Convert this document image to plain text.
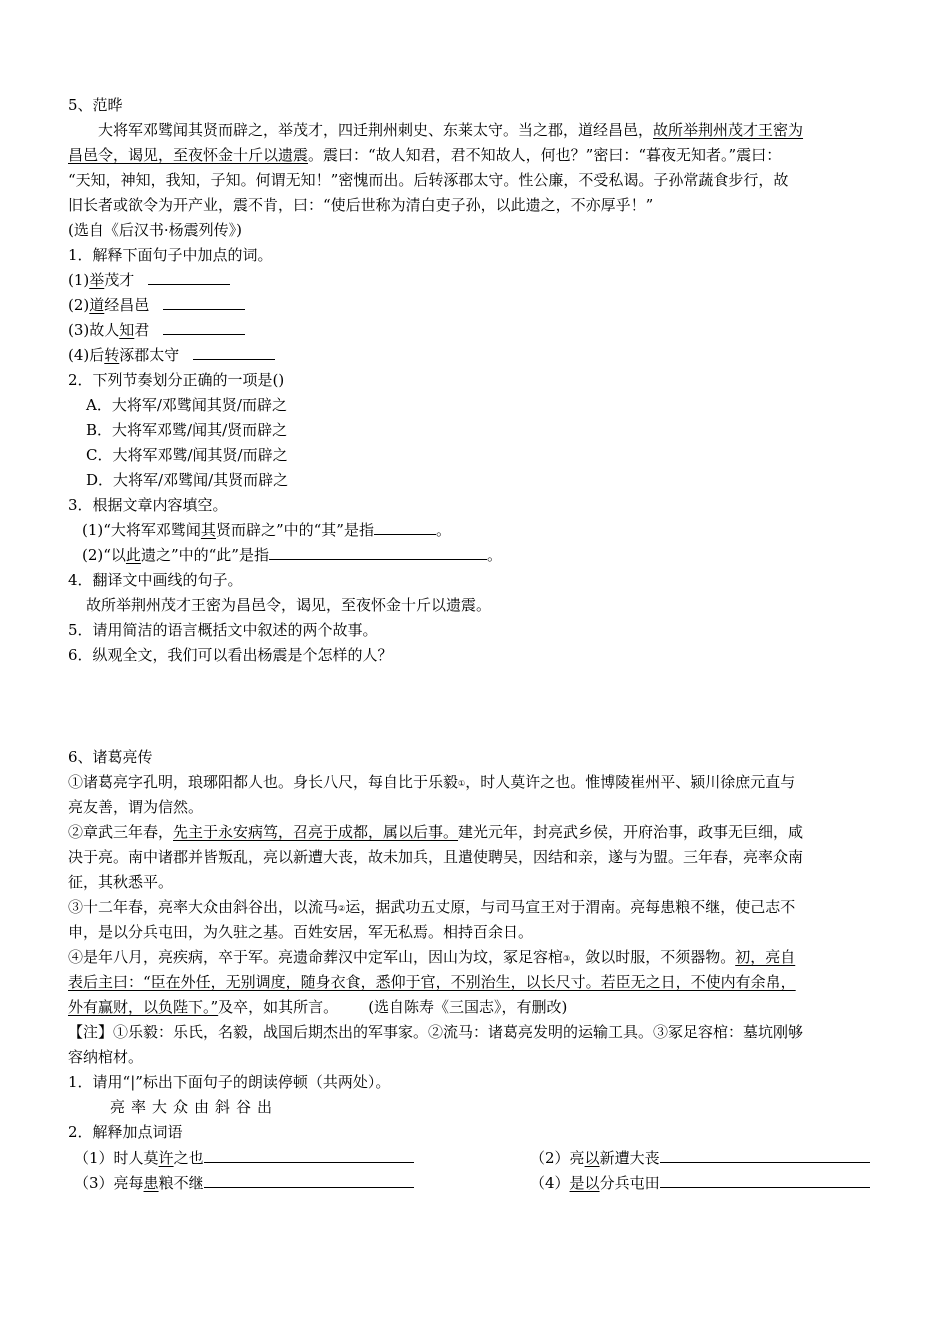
5、范晔
大将军邓骘闻其贤而辟之，举茂才，四迁荆州刺史、东莱太守。当之郡，道经昌邑，故所举荆州茂才王密为
昌邑令，谒见，至夜怀金十斤以遗震。震曰：“故人知君，君不知故人，何也？”密曰：“暮夜无知者。”震曰：
“天知，神知，我知，子知。何谓无知！”密愧而出。后转涿郡太守。性公廉，不受私谒。子孙常蔬食步行，故
旧长者或欲令为开产业，震不肯，曰：“使后世称为清白吏子孙，以此遗之，不亦厚乎！”
(选自《后汉书·杨震列传》)
1．解释下面句子中加点的词。
(1)举茂才
(2)道经昌邑
(3)故人知君
(4)后转涿郡太守
2．下列节奏划分正确的一项是()
A．大将军/邓骘闻其贤/而辟之
B．大将军邓骘/闻其/贤而辟之
C．大将军邓骘/闻其贤/而辟之
D．大将军/邓骘闻/其贤而辟之
3．根据文章内容填空。
(1)“大将军邓骘闻其贤而辟之”中的“其”是指	。
(2)“以此遗之”中的“此”是指	。
4．翻译文中画线的句子。
故所举荆州茂才王密为昌邑令，谒见，至夜怀金十斤以遗震。
5．请用简洁的语言概括文中叙述的两个故事。
6．纵观全文，我们可以看出杨震是个怎样的人？
6、诸葛亮传
①诸葛亮字孔明，琅琊阳都人也。身长八尺，每自比于乐毅①，时人莫许之也。惟博陵崔州平、颍川徐庶元直与
亮友善，谓为信然。
②章武三年春，先主于永安病笃，召亮于成都，属以后事。建光元年，封亮武乡侯，开府治事，政事无巨细，咸
决于亮。南中诸郡并皆叛乱，亮以新遭大丧，故未加兵，且遣使聘吴，因结和亲，遂与为盟。三年春，亮率众南
征，其秋悉平。
③十二年春，亮率大众由斜谷出，以流马②运，据武功五丈原，与司马宣王对于渭南。亮每患粮不继，使己志不
申，是以分兵屯田，为久驻之基。百姓安居，军无私焉。相持百余日。
④是年八月，亮疾病，卒于军。亮遗命葬汉中定军山，因山为坟，冢足容棺③，敛以时服，不须器物。初，亮自
表后主曰：“臣在外任，无别调度，随身衣食，悉仰于官，不别治生，以长尺寸。若臣无之日，不使内有余帛，
外有赢财，以负陛下。”及卒，如其所言。 (选自陈寿《三国志》，有删改)
【注】①乐毅：乐氏，名毅，战国后期杰出的军事家。②流马：诸葛亮发明的运输工具。③冢足容棺：墓坑刚够
容纳棺材。
1．请用“|”标出下面句子的朗读停顿（共两处）。
亮率大众由斜谷出
2．解释加点词语
（1）时人莫许之也	（2）亮以新遭大丧
（3）亮每患粮不继	（4）是以分兵屯田
